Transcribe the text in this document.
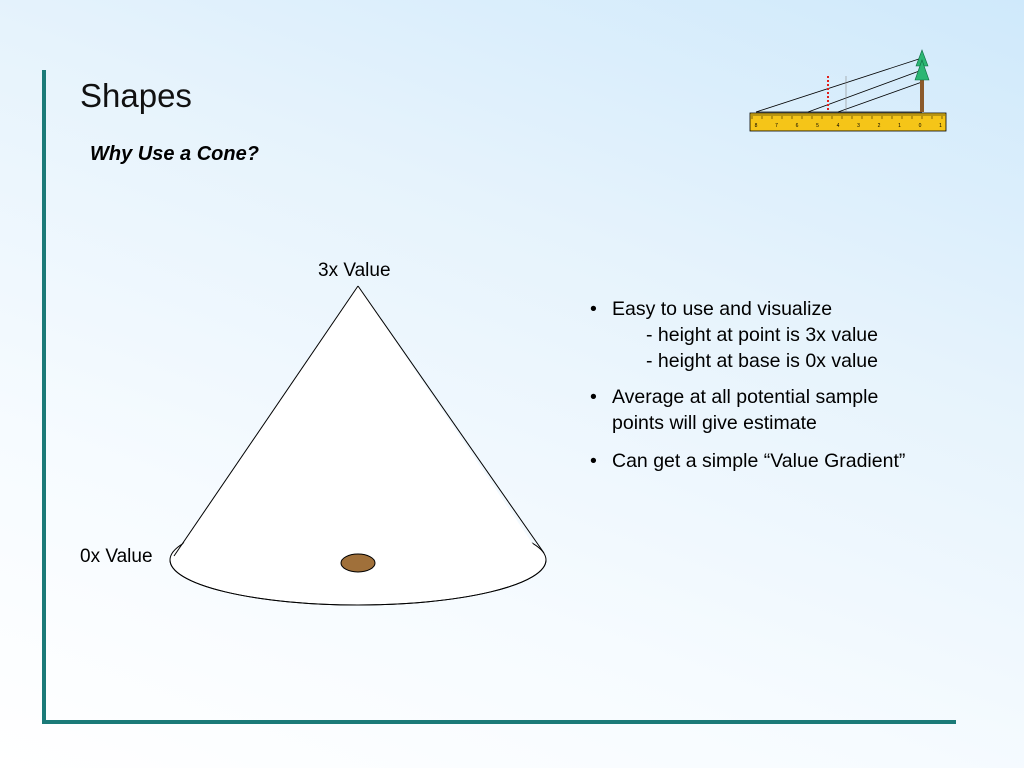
Shapes
Why Use a Cone?
3x Value
0x Value
• Easy to use and visualize
- height at point is 3x value
- height at base is 0x value
• Average at all potential sample
points will give estimate
• Can get a simple “Value Gradient”
8	7	6	5	4	3	2	1	0	1
